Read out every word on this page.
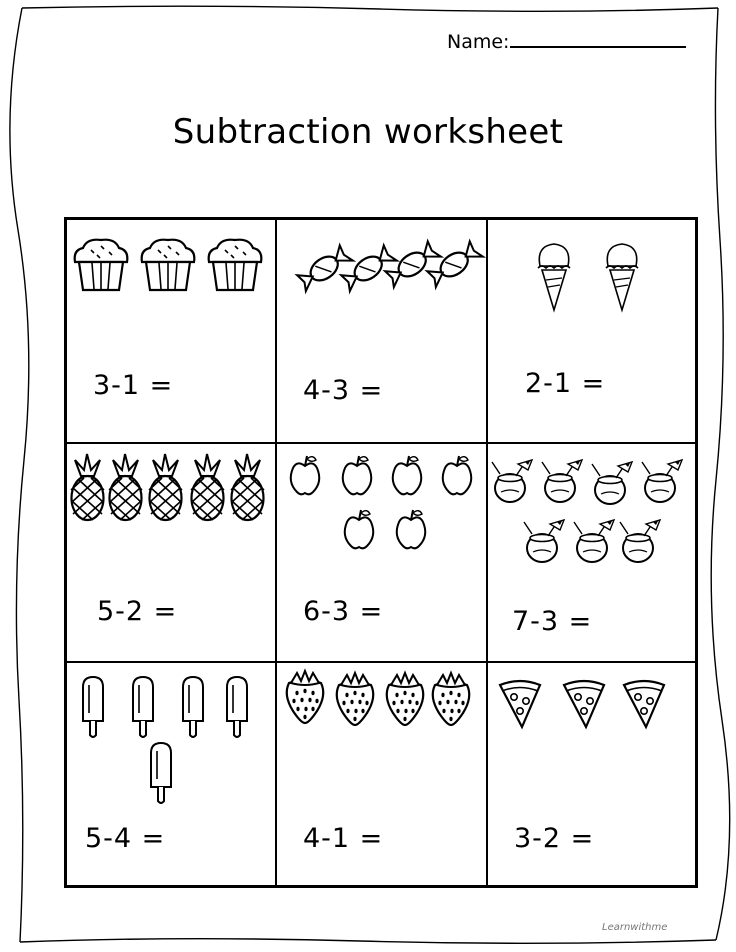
Name:
Subtraction worksheet
3-1 =	4-3 =	2-1 =
5-2 =	6-3 =	7-3 =
5-4 =	4-1 =	3-2 =
Learnwithme
